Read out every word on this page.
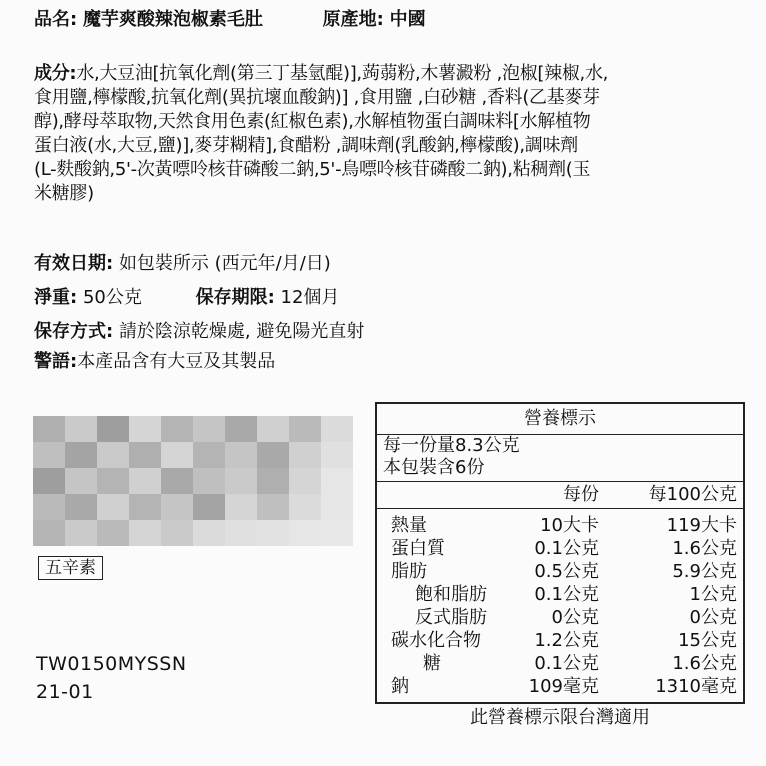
品名: 魔芋爽酸辣泡椒素毛肚	原產地: 中國
成分:水,大豆油[抗氧化劑(第三丁基氫醌)],蒟蒻粉,木薯澱粉 ,泡椒[辣椒,水,
食用鹽,檸檬酸,抗氧化劑(異抗壞血酸鈉)] ,食用鹽 ,白砂糖 ,香料(乙基麥芽
醇),酵母萃取物,天然食用色素(紅椒色素),水解植物蛋白調味料[水解植物
蛋白液(水,大豆,鹽)],麥芽糊精],食醋粉 ,調味劑(乳酸鈉,檸檬酸),調味劑
(L-麩酸鈉,5'-次黃嘌呤核苷磷酸二鈉,5'-鳥嘌呤核苷磷酸二鈉),粘稠劑(玉
米糖膠)
有效日期: 如包裝所示 (西元年/月/日)
淨重: 50公克	保存期限: 12個月
保存方式: 請於陰涼乾燥處, 避免陽光直射
警語:本產品含有大豆及其製品
五辛素
TW0150MYSSN
21-01
營養標示
每一份量8.3公克
本包裝含6份
每份	每100公克
熱量	10大卡	119大卡
蛋白質	0.1公克	1.6公克
脂肪	0.5公克	5.9公克
飽和脂肪	0.1公克	1公克
反式脂肪	0公克	0公克
碳水化合物	1.2公克	15公克
糖	0.1公克	1.6公克
鈉	109毫克	1310毫克
此營養標示限台灣適用
